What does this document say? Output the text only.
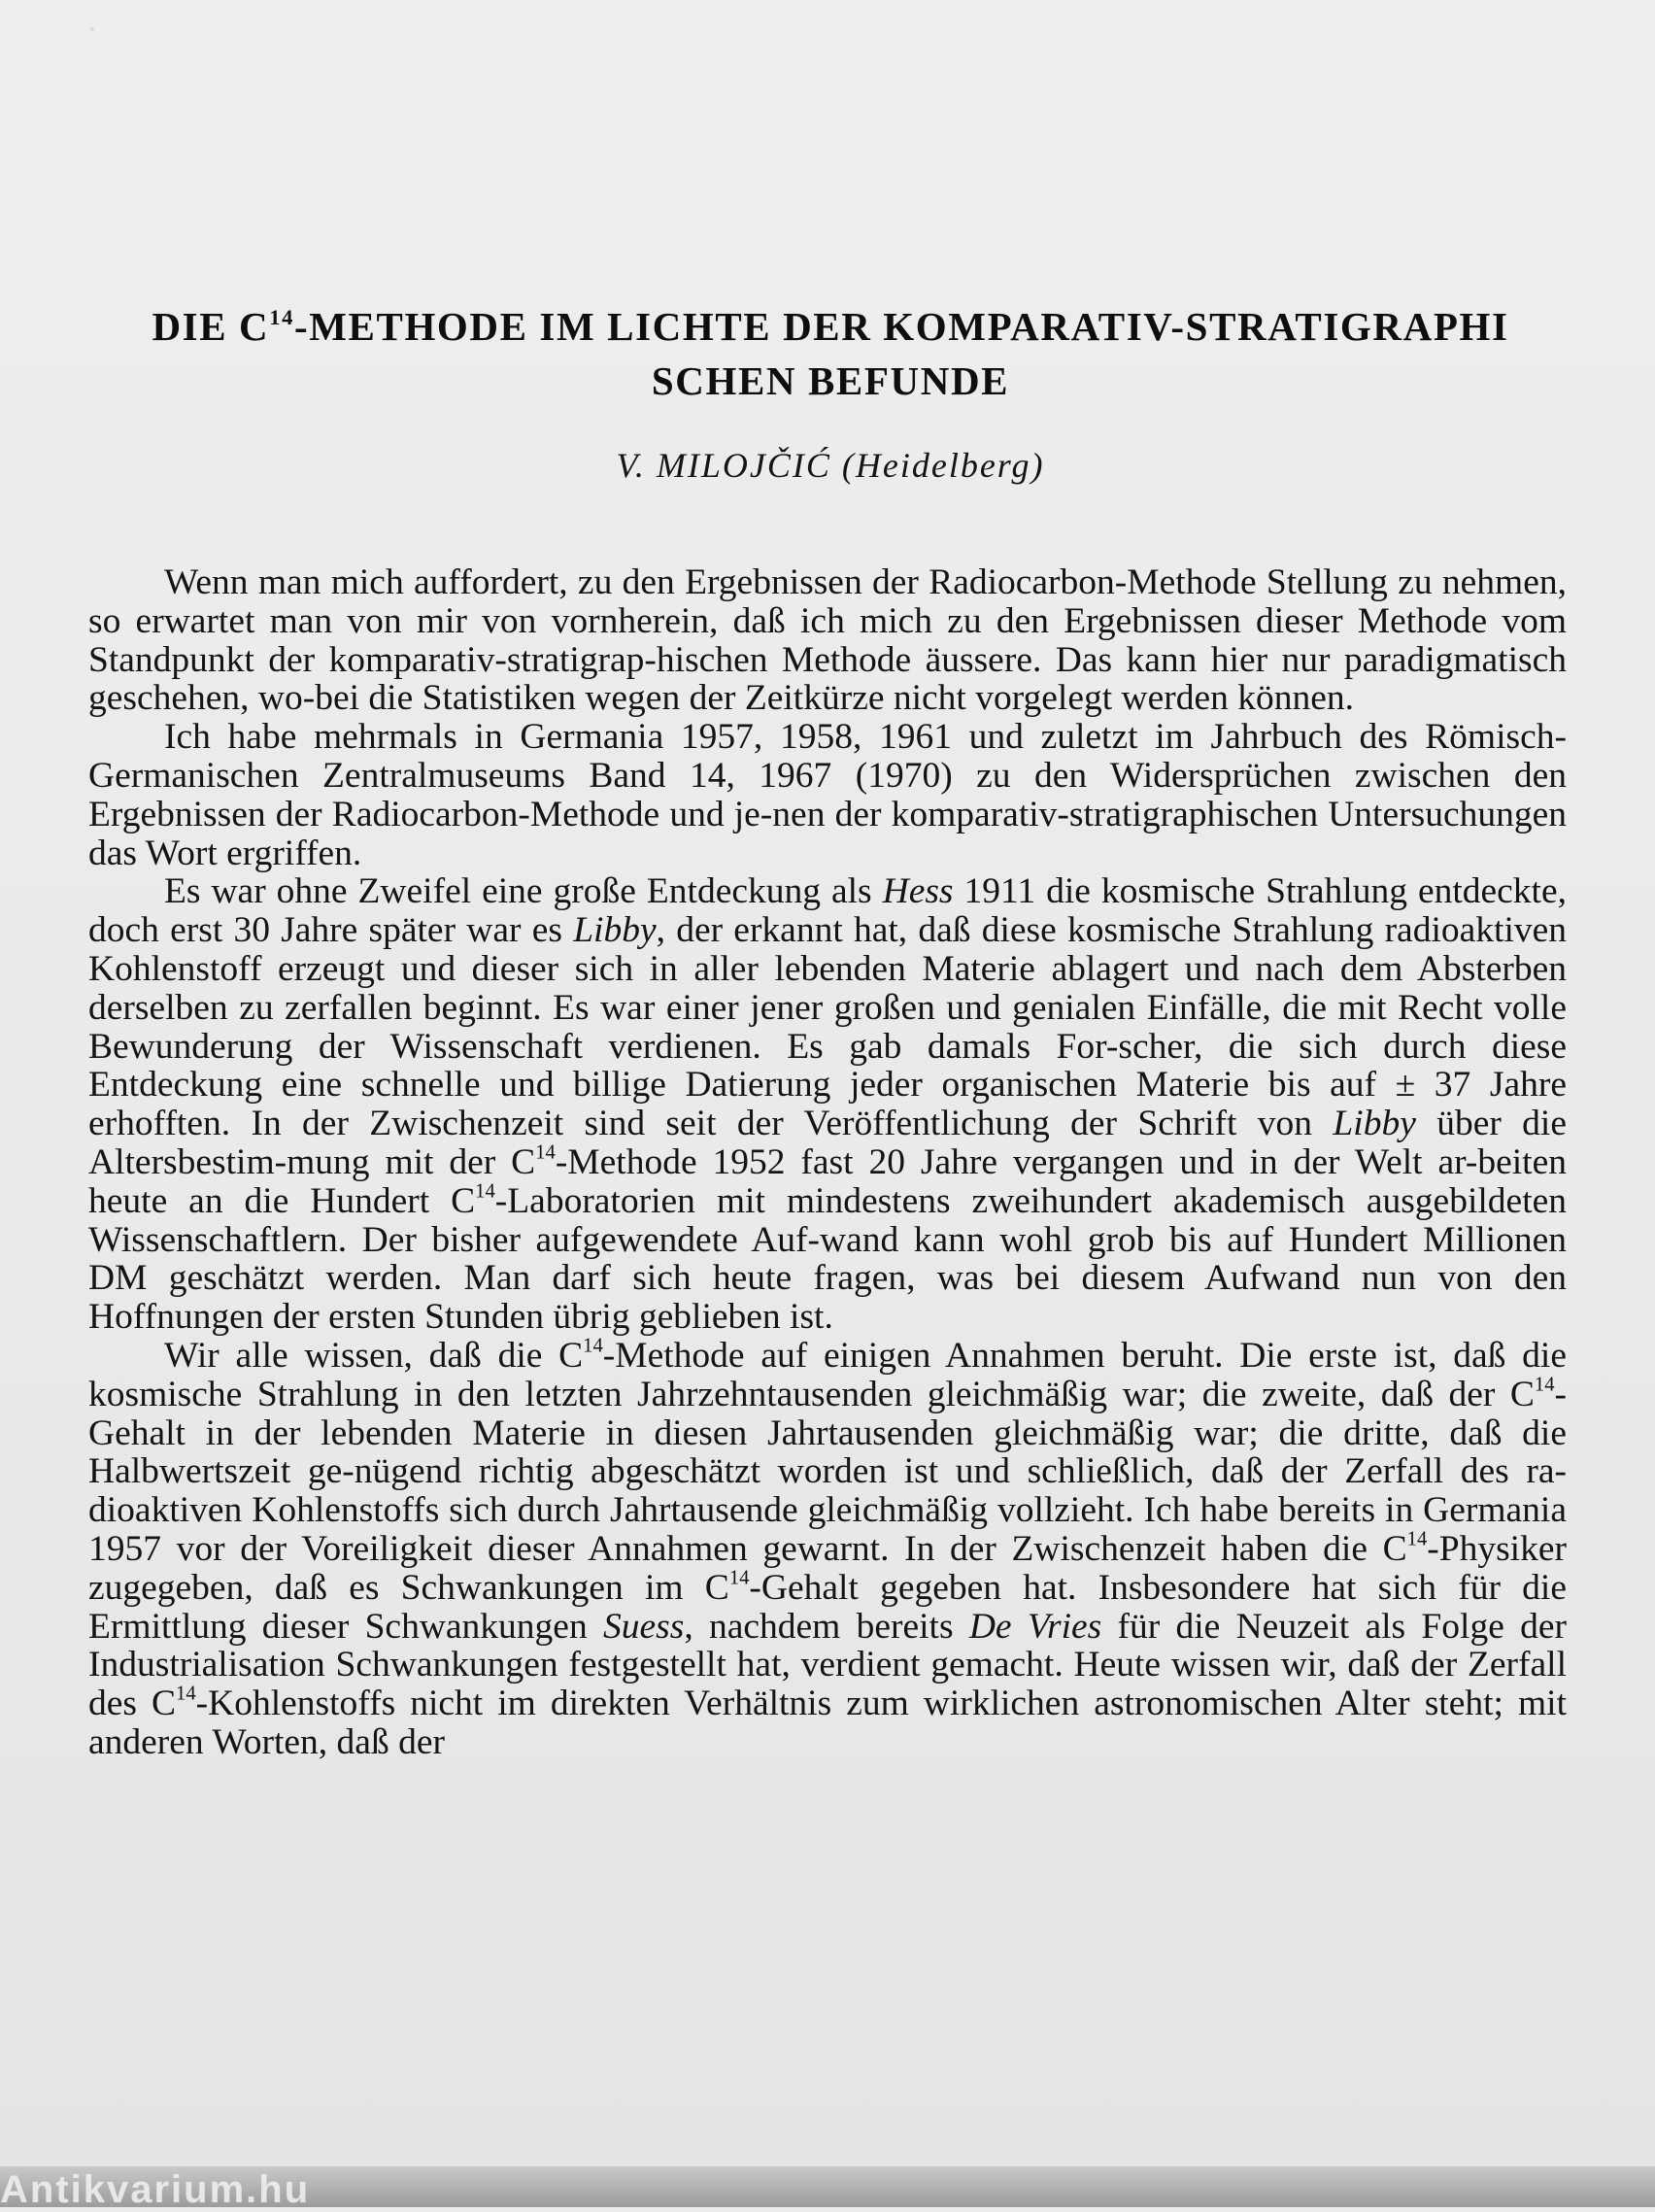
.

DIE $C^{14}$-METHODE IM LICHTE DER KOMPARATIV-STRATIGRAPHI
SCHEN BEFUNDE
V. MILOJČIĆ (Heidelberg)

Wenn man mich auffordert, zu den Ergebnissen der Radiocarbon-Methode Stellung zu nehmen, so erwartet man von mir von vornherein, daß ich mich zu den Ergebnissen dieser Methode vom Standpunkt der komparativ-stratigrap-hischen Methode äussere. Das kann hier nur paradigmatisch geschehen, wo-bei die Statistiken wegen der Zeitkürze nicht vorgelegt werden können.

Ich habe mehrmals in Germania 1957, 1958, 1961 und zuletzt im Jahrbuch des Römisch-Germanischen Zentralmuseums Band 14, 1967 (1970) zu den Widersprüchen zwischen den Ergebnissen der Radiocarbon-Methode und je-nen der komparativ-stratigraphischen Untersuchungen das Wort ergriffen.

Es war ohne Zweifel eine große Entdeckung als Hess 1911 die kosmische Strahlung entdeckte, doch erst 30 Jahre später war es Libby, der erkannt hat, daß diese kosmische Strahlung radioaktiven Kohlenstoff erzeugt und dieser sich in aller lebenden Materie ablagert und nach dem Absterben derselben zu zerfallen beginnt. Es war einer jener großen und genialen Einfälle, die mit Recht volle Bewunderung der Wissenschaft verdienen. Es gab damals For-scher, die sich durch diese Entdeckung eine schnelle und billige Datierung jeder organischen Materie bis auf ± 37 Jahre erhofften. In der Zwischenzeit sind seit der Veröffentlichung der Schrift von Libby über die Altersbestim-mung mit der $C^{14}$-Methode 1952 fast 20 Jahre vergangen und in der Welt ar-beiten heute an die Hundert $C^{14}$-Laboratorien mit mindestens zweihundert akademisch ausgebildeten Wissenschaftlern. Der bisher aufgewendete Auf-wand kann wohl grob bis auf Hundert Millionen DM geschätzt werden. Man darf sich heute fragen, was bei diesem Aufwand nun von den Hoffnungen der ersten Stunden übrig geblieben ist.

Wir alle wissen, daß die $C^{14}$-Methode auf einigen Annahmen beruht. Die erste ist, daß die kosmische Strahlung in den letzten Jahrzehntausenden gleichmäßig war; die zweite, daß der $C^{14}$-Gehalt in der lebenden Materie in diesen Jahrtausenden gleichmäßig war; die dritte, daß die Halbwertszeit ge-nügend richtig abgeschätzt worden ist und schließlich, daß der Zerfall des ra-dioaktiven Kohlenstoffs sich durch Jahrtausende gleichmäßig vollzieht. Ich habe bereits in Germania 1957 vor der Voreiligkeit dieser Annahmen gewarnt. In der Zwischenzeit haben die $C^{14}$-Physiker zugegeben, daß es Schwankungen im $C^{14}$-Gehalt gegeben hat. Insbesondere hat sich für die Ermittlung dieser Schwankungen Suess, nachdem bereits De Vries für die Neuzeit als Folge der Industrialisation Schwankungen festgestellt hat, verdient gemacht. Heute wissen wir, daß der Zerfall des $C^{14}$-Kohlenstoffs nicht im direkten Verhältnis zum wirklichen astronomischen Alter steht; mit anderen Worten, daß der

Antikvarium.hu
